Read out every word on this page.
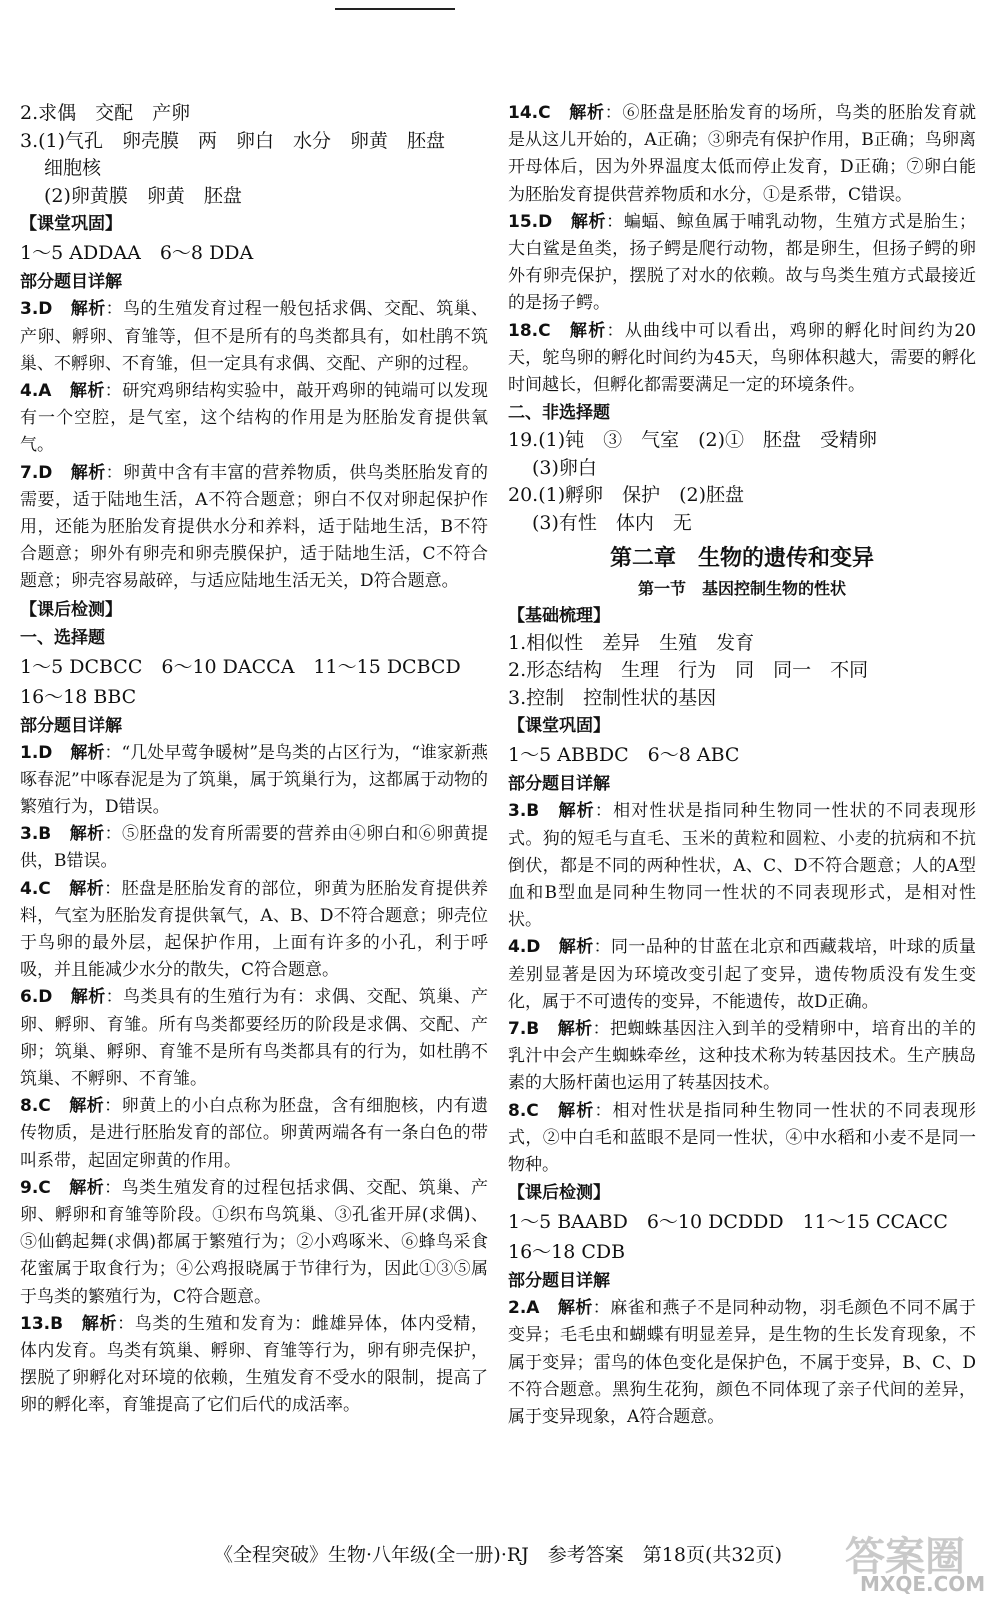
2.求偶　交配　产卵
3.(1)气孔　卵壳膜　两　卵白　水分　卵黄　胚盘
细胞核
(2)卵黄膜　卵黄　胚盘
【课堂巩固】
1～5 ADDAA　6～8 DDA
部分题目详解
3.D 解析：鸟的生殖发育过程一般包括求偶、交配、筑巢、产卵、孵卵、育雏等，但不是所有的鸟类都具有，如杜鹃不筑巢、不孵卵、不育雏，但一定具有求偶、交配、产卵的过程。
4.A 解析：研究鸡卵结构实验中，敲开鸡卵的钝端可以发现有一个空腔，是气室，这个结构的作用是为胚胎发育提供氧气。
7.D 解析：卵黄中含有丰富的营养物质，供鸟类胚胎发育的需要，适于陆地生活，A不符合题意；卵白不仅对卵起保护作用，还能为胚胎发育提供水分和养料，适于陆地生活，B不符合题意；卵外有卵壳和卵壳膜保护，适于陆地生活，C不符合题意；卵壳容易敲碎，与适应陆地生活无关，D符合题意。
【课后检测】
一、选择题
1～5 DCBCC　6～10 DACCA　11～15 DCBCD
16～18 BBC
部分题目详解
1.D 解析：“几处早莺争暖树”是鸟类的占区行为，“谁家新燕啄春泥”中啄春泥是为了筑巢，属于筑巢行为，这都属于动物的繁殖行为，D错误。
3.B 解析：⑤胚盘的发育所需要的营养由④卵白和⑥卵黄提供，B错误。
4.C 解析：胚盘是胚胎发育的部位，卵黄为胚胎发育提供养料，气室为胚胎发育提供氧气，A、B、D不符合题意；卵壳位于鸟卵的最外层，起保护作用，上面有许多的小孔，利于呼吸，并且能减少水分的散失，C符合题意。
6.D 解析：鸟类具有的生殖行为有：求偶、交配、筑巢、产卵、孵卵、育雏。所有鸟类都要经历的阶段是求偶、交配、产卵；筑巢、孵卵、育雏不是所有鸟类都具有的行为，如杜鹃不筑巢、不孵卵、不育雏。
8.C 解析：卵黄上的小白点称为胚盘，含有细胞核，内有遗传物质，是进行胚胎发育的部位。卵黄两端各有一条白色的带叫系带，起固定卵黄的作用。
9.C 解析：鸟类生殖发育的过程包括求偶、交配、筑巢、产卵、孵卵和育雏等阶段。①织布鸟筑巢、③孔雀开屏(求偶)、⑤仙鹤起舞(求偶)都属于繁殖行为；②小鸡啄米、⑥蜂鸟采食花蜜属于取食行为；④公鸡报晓属于节律行为，因此①③⑤属于鸟类的繁殖行为，C符合题意。
13.B 解析：鸟类的生殖和发育为：雌雄异体，体内受精，体内发育。鸟类有筑巢、孵卵、育雏等行为，卵有卵壳保护，摆脱了卵孵化对环境的依赖，生殖发育不受水的限制，提高了卵的孵化率，育雏提高了它们后代的成活率。
14.C 解析：⑥胚盘是胚胎发育的场所，鸟类的胚胎发育就是从这儿开始的，A正确；③卵壳有保护作用，B正确；鸟卵离开母体后，因为外界温度太低而停止发育，D正确；⑦卵白能为胚胎发育提供营养物质和水分，①是系带，C错误。
15.D 解析：蝙蝠、鲸鱼属于哺乳动物，生殖方式是胎生；大白鲨是鱼类，扬子鳄是爬行动物，都是卵生，但扬子鳄的卵外有卵壳保护，摆脱了对水的依赖。故与鸟类生殖方式最接近的是扬子鳄。
18.C 解析：从曲线中可以看出，鸡卵的孵化时间约为20天，鸵鸟卵的孵化时间约为45天，鸟卵体积越大，需要的孵化时间越长，但孵化都需要满足一定的环境条件。
二、非选择题
19.(1)钝　③　气室　(2)①　胚盘　受精卵
(3)卵白
20.(1)孵卵　保护　(2)胚盘
(3)有性　体内　无
第二章　生物的遗传和变异
第一节　基因控制生物的性状
【基础梳理】
1.相似性　差异　生殖　发育
2.形态结构　生理　行为　同　同一　不同
3.控制　控制性状的基因
【课堂巩固】
1～5 ABBDC　6～8 ABC
部分题目详解
3.B 解析：相对性状是指同种生物同一性状的不同表现形式。狗的短毛与直毛、玉米的黄粒和圆粒、小麦的抗病和不抗倒伏，都是不同的两种性状，A、C、D不符合题意；人的A型血和B型血是同种生物同一性状的不同表现形式，是相对性状。
4.D 解析：同一品种的甘蓝在北京和西藏栽培，叶球的质量差别显著是因为环境改变引起了变异，遗传物质没有发生变化，属于不可遗传的变异，不能遗传，故D正确。
7.B 解析：把蜘蛛基因注入到羊的受精卵中，培育出的羊的乳汁中会产生蜘蛛牵丝，这种技术称为转基因技术。生产胰岛素的大肠杆菌也运用了转基因技术。
8.C 解析：相对性状是指同种生物同一性状的不同表现形式，②中白毛和蓝眼不是同一性状，④中水稻和小麦不是同一物种。
【课后检测】
1～5 BAABD　6～10 DCDDD　11～15 CCACC
16～18 CDB
部分题目详解
2.A 解析：麻雀和燕子不是同种动物，羽毛颜色不同不属于变异；毛毛虫和蝴蝶有明显差异，是生物的生长发育现象，不属于变异；雷鸟的体色变化是保护色，不属于变异，B、C、D不符合题意。黑狗生花狗，颜色不同体现了亲子代间的差异，属于变异现象，A符合题意。
《全程突破》生物·八年级(全一册)·RJ　参考答案　第18页(共32页)	答案圈
MXQE.COM
